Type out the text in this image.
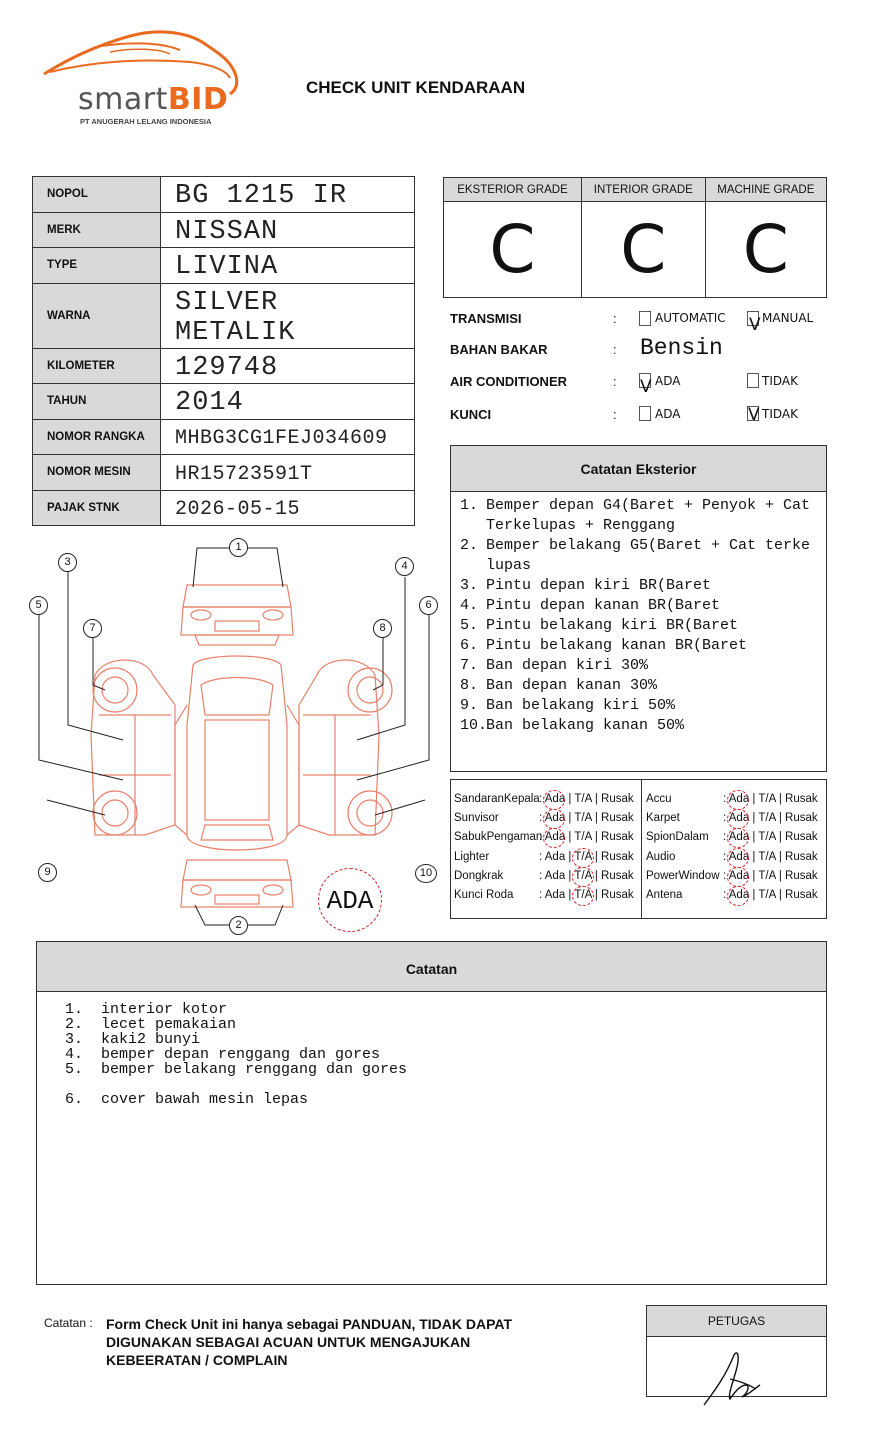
smartBID
PT ANUGERAH LELANG INDONESIA
CHECK UNIT KENDARAAN
NOPOL	BG 1215 IR
MERK	NISSAN
TYPE	LIVINA
WARNA	SILVER METALIK
KILOMETER	129748
TAHUN	2014
NOMOR RANGKA	MHBG3CG1FEJ034609
NOMOR MESIN	HR15723591T
PAJAK STNK	2026-05-15
EKSTERIOR GRADE	INTERIOR GRADE	MACHINE GRADE
C	C	C
TRANSMISI	:	AUTOMATIC V MANUAL
BAHAN BAKAR	: Bensin
AIR CONDITIONER	: V ADA	TIDAK
KUNCI	:	ADA	V TIDAK
Catatan Eksterior
1. Bemper depan G4(Baret + Penyok + Cat Terkelupas + Renggang
2. Bemper belakang G5(Baret + Cat terke lupas
3. Pintu depan kiri BR(Baret
4. Pintu depan kanan BR(Baret
5. Pintu belakang kiri BR(Baret
6. Pintu belakang kanan BR(Baret
7. Ban depan kiri 30%
8. Ban depan kanan 30%
9. Ban belakang kiri 50%
10.
Ban belakang kanan 50%
SandaranKepala : Ada | T/A | Rusak
Sunvisor	: Ada | T/A | Rusak
SabukPengaman
: Ada | T/A | Rusak
Lighter	: Ada | T/A | Rusak
Dongkrak	: Ada | T/A | Rusak
Kunci Roda : Ada | T/A | Rusak
Accu	: Ada | T/A | Rusak
Karpet	: Ada | T/A | Rusak
SpionDalam : Ada | T/A | Rusak
Audio	: Ada | T/A | Rusak
PowerWindow : Ada | T/A | Rusak
Antena	: Ada | T/A | Rusak
1
2
3	4
5	6
7	8
9	10
ADA
Catatan
1.	interior kotor
2.	lecet pemakaian
3.	kaki2 bunyi
4.	bemper depan renggang dan gores
5.	bemper belakang renggang dan gores
6.	cover bawah mesin lepas
Catatan : Form Check Unit ini hanya sebagai PANDUAN, TIDAK DAPAT DIGUNAKAN SEBAGAI ACUAN UNTUK MENGAJUKAN KEBEERATAN / COMPLAIN
PETUGAS
